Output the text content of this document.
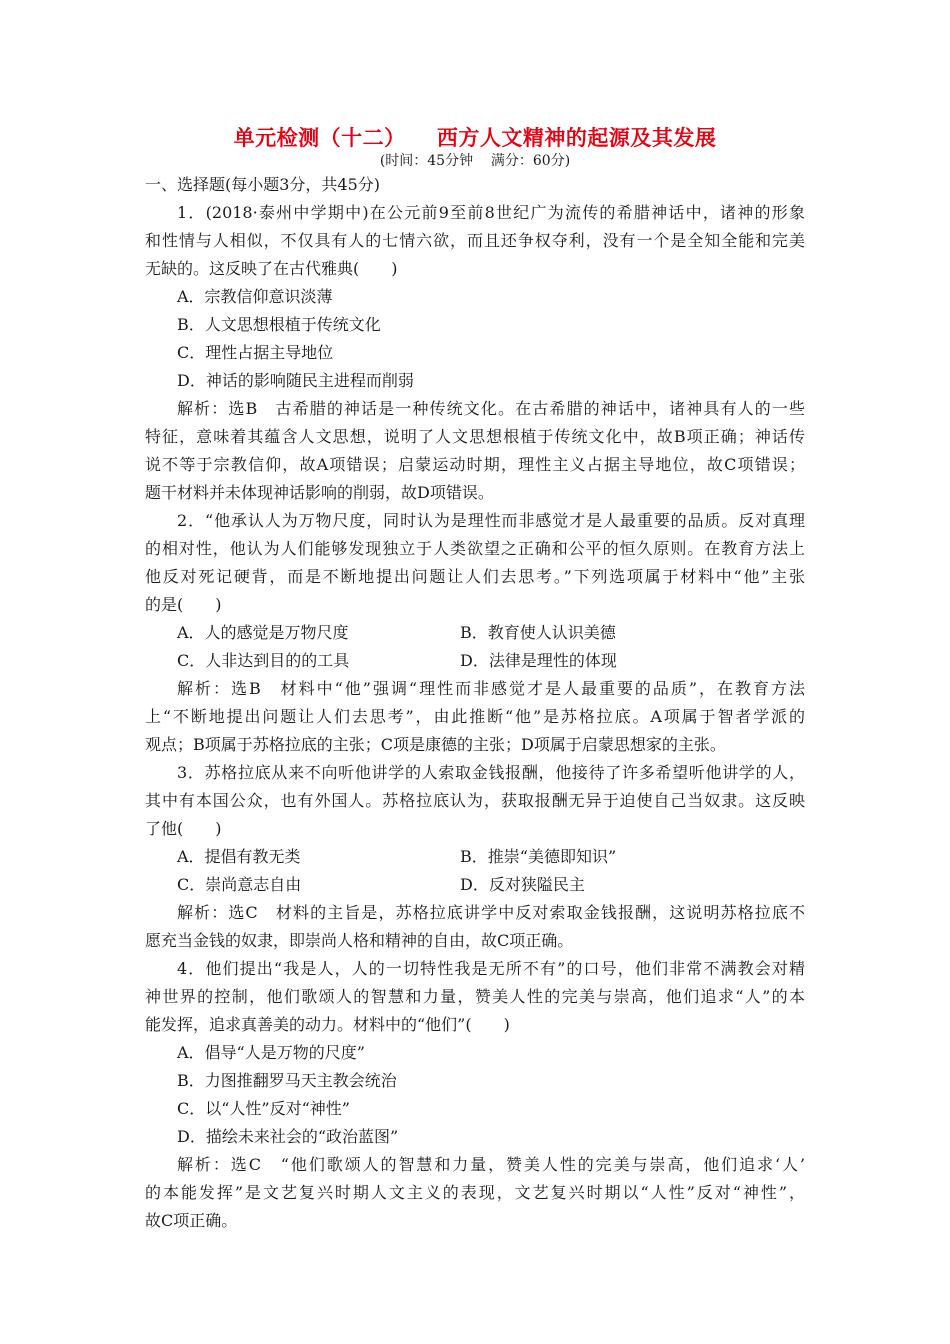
单元检测（十二）    西方人文精神的起源及其发展
(时间：45分钟    满分：60分)
一、选择题(每小题3分，共45分)
1．(2018·泰州中学期中)在公元前9至前8世纪广为流传的希腊神话中，诸神的形象
和性情与人相似，不仅具有人的七情六欲，而且还争权夺利，没有一个是全知全能和完美
无缺的。这反映了在古代雅典(　　)
A．宗教信仰意识淡薄
B．人文思想根植于传统文化
C．理性占据主导地位
D．神话的影响随民主进程而削弱
解析：选B　古希腊的神话是一种传统文化。在古希腊的神话中，诸神具有人的一些
特征，意味着其蕴含人文思想，说明了人文思想根植于传统文化中，故B项正确；神话传
说不等于宗教信仰，故A项错误；启蒙运动时期，理性主义占据主导地位，故C项错误；
题干材料并未体现神话影响的削弱，故D项错误。
2．“他承认人为万物尺度，同时认为是理性而非感觉才是人最重要的品质。反对真理
的相对性，他认为人们能够发现独立于人类欲望之正确和公平的恒久原则。在教育方法上
他反对死记硬背，而是不断地提出问题让人们去思考。”下列选项属于材料中“他”主张
的是(　　)
A．人的感觉是万物尺度	B．教育使人认识美德
C．人非达到目的的工具	D．法律是理性的体现
解析：选B　材料中“他”强调“理性而非感觉才是人最重要的品质”，在教育方法
上“不断地提出问题让人们去思考”，由此推断“他”是苏格拉底。A项属于智者学派的
观点；B项属于苏格拉底的主张；C项是康德的主张；D项属于启蒙思想家的主张。
3．苏格拉底从来不向听他讲学的人索取金钱报酬，他接待了许多希望听他讲学的人，
其中有本国公众，也有外国人。苏格拉底认为，获取报酬无异于迫使自己当奴隶。这反映
了他(　　)
A．提倡有教无类	B．推崇“美德即知识”
C．崇尚意志自由	D．反对狭隘民主
解析：选C　材料的主旨是，苏格拉底讲学中反对索取金钱报酬，这说明苏格拉底不
愿充当金钱的奴隶，即崇尚人格和精神的自由，故C项正确。
4．他们提出“我是人，人的一切特性我是无所不有”的口号，他们非常不满教会对精
神世界的控制，他们歌颂人的智慧和力量，赞美人性的完美与崇高，他们追求“人”的本
能发挥，追求真善美的动力。材料中的“他们”(　　)
A．倡导“人是万物的尺度”
B．力图推翻罗马天主教会统治
C．以“人性”反对“神性”
D．描绘未来社会的“政治蓝图”
解析：选C　“他们歌颂人的智慧和力量，赞美人性的完美与崇高，他们追求‘人’
的本能发挥”是文艺复兴时期人文主义的表现，文艺复兴时期以“人性”反对“神性”，
故C项正确。
